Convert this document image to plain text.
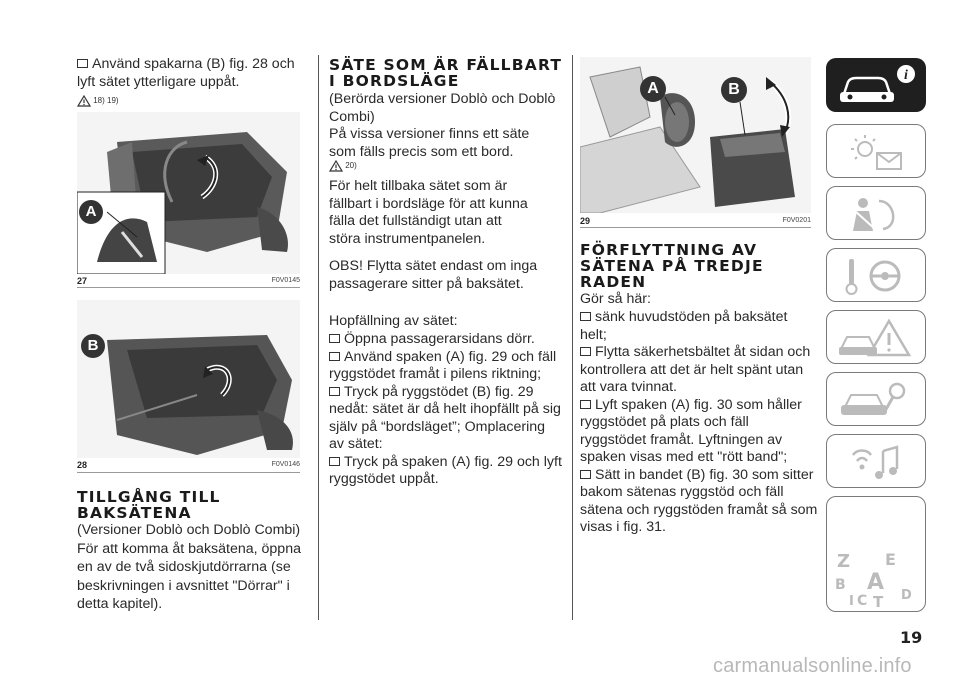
Använd spakarna (B) fig. 28 och lyft sätet ytterligare uppåt.
18) 19)
A
27	F0V0145
B
28	F0V0146
TILLGÅNG TILL
BAKSÄTENA
(Versioner Doblò och Doblò Combi)
För att komma åt baksätena, öppna en av de två sidoskjutdörrarna (se
beskrivningen i avsnittet "Dörrar" i detta kapitel).
SÄTE SOM ÄR FÄLLBART
I BORDSLÄGE
(Berörda versioner Doblò och Doblò Combi)
På vissa versioner finns ett säte som fälls precis som ett bord.
20)
För helt tillbaka sätet som är fällbart i bordsläge för att kunna fälla det fullständigt utan att störa instrumentpanelen.
OBS! Flytta sätet endast om inga passagerare sitter på baksätet.
Hopfällning av sätet:
Öppna passagerarsidans dörr.
Använd spaken (A) fig. 29 och fäll ryggstödet framåt i pilens riktning;
Tryck på ryggstödet (B) fig. 29 nedåt: sätet är då helt ihopfällt på sig själv på “bordsläget”; Omplacering av sätet:
Tryck på spaken (A) fig. 29 och lyft ryggstödet uppåt.
A	B
29	F0V0201
FÖRFLYTTNING AV
SÄTENA PÅ TREDJE
RADEN
Gör så här:
sänk huvudstöden på baksätet helt;
Flytta säkerhetsbältet åt sidan och kontrollera att det är helt spänt utan att vara tvinnat.
Lyft spaken (A) fig. 30 som håller ryggstödet på plats och fäll ryggstödet framåt. Lyftningen av spaken visas med ett "rött band";
Sätt in bandet (B) fig. 30 som sitter bakom sätenas ryggstöd och fäll sätena och ryggstöden framåt så som visas i fig. 31.
i
Z E
B A
I C T D
19
carmanualsonline.info
